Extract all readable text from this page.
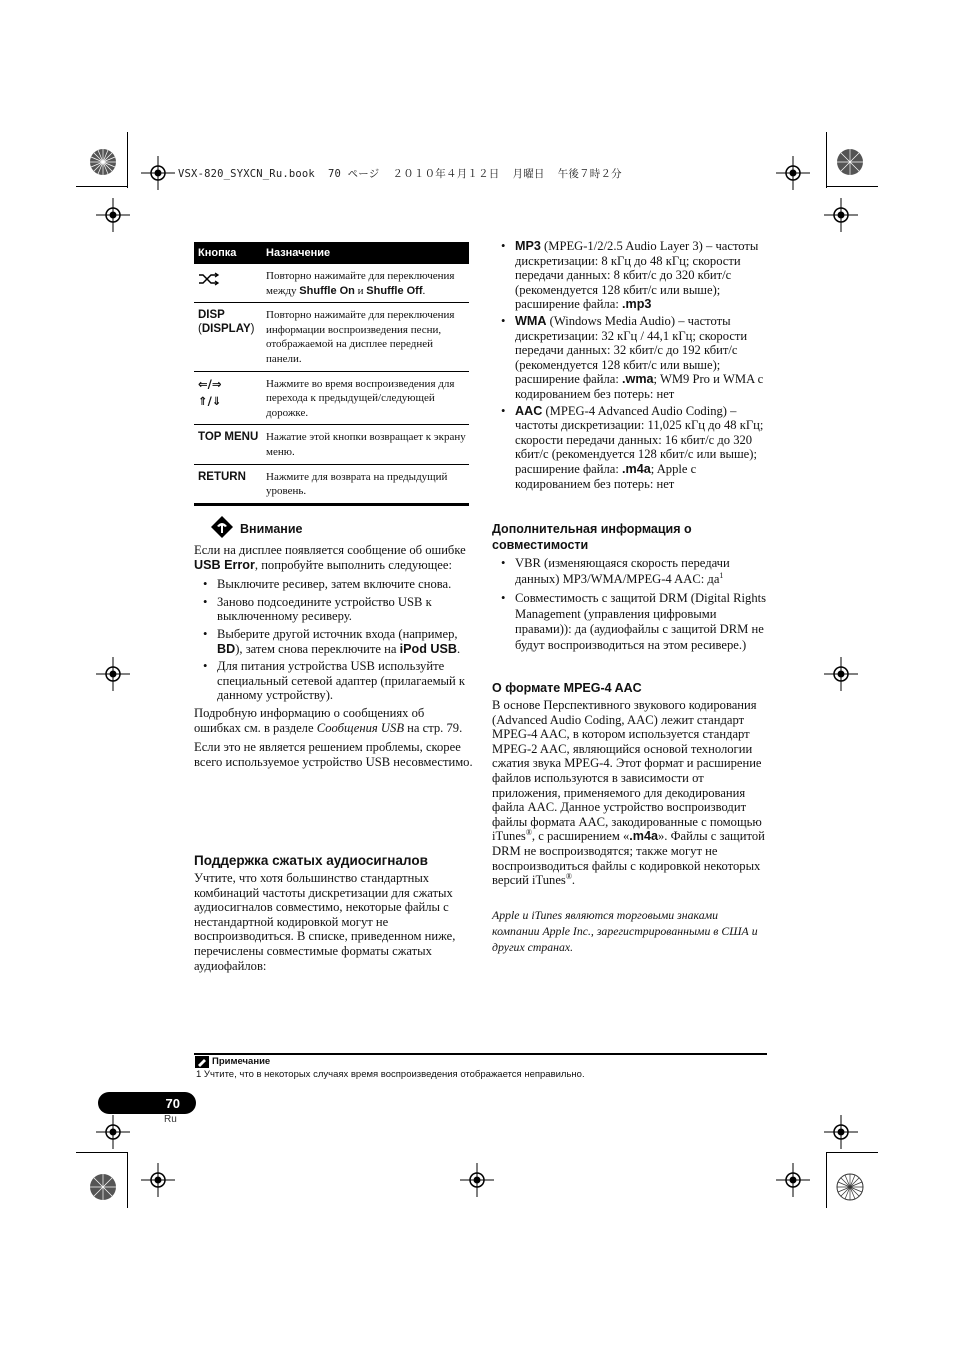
VSX-820_SYXCN_Ru.book  70 ページ  ２０１０年４月１２日  月曜日  午後７時２分
Кнопка	Назначение
Повторно нажимайте для переключения между Shuffle On и Shuffle Off.
DISP
(DISPLAY)
Повторно нажимайте для переключения информации воспроизведения песни, отображаемой на дисплее передней панели.
⇐/⇒
⇑/⇓
Нажмите во время воспроизведения для перехода к предыдущей/следующей дорожке.
TOP MENU Нажатие этой кнопки возвращает к экрану меню.
RETURN	Нажмите для возврата на предыдущий уровень.
Внимание
Если на дисплее появляется сообщение об ошибке USB Error, попробуйте выполнить следующее:
• Выключите ресивер, затем включите снова.
• Заново подсоедините устройство USB к выключенному ресиверу.
• Выберите другой источник входа (например, BD), затем снова переключите на iPod USB.
• Для питания устройства USB используйте специальный сетевой адаптер (прилагаемый к данному устройству).
Подробную информацию о сообщениях об ошибках см. в разделе Сообщения USB на стр. 79.
Если это не является решением проблемы, скорее всего используемое устройство USB несовместимо.
Поддержка сжатых аудиосигналов
Учтите, что хотя большинство стандартных комбинаций частоты дискретизации для сжатых аудиосигналов совместимо, некоторые файлы с нестандартной кодировкой могут не воспроизводиться. В списке, приведенном ниже, перечислены совместимые форматы сжатых аудиофайлов:
• MP3 (MPEG-1/2/2.5 Audio Layer 3) – частоты дискретизации: 8 кГц до 48 кГц; скорости передачи данных: 8 кбит/с до 320 кбит/с (рекомендуется 128 кбит/с или выше); расширение файла: .mp3
• WMA (Windows Media Audio) – частоты дискретизации: 32 кГц / 44,1 кГц; скорости передачи данных: 32 кбит/с до 192 кбит/с (рекомендуется 128 кбит/с или выше); расширение файла: .wma; WM9 Pro и WMA с кодированием без потерь: нет
• AAC (MPEG-4 Advanced Audio Coding) – частоты дискретизации: 11,025 кГц до 48 кГц; скорости передачи данных: 16 кбит/с до 320 кбит/с (рекомендуется 128 кбит/с или выше); расширение файла: .m4a; Apple с кодированием без потерь: нет
Дополнительная информация о совместимости
• VBR (изменяющаяся скорость передачи данных) MP3/WMA/MPEG-4 AAC: $да^1$
• Совместимость с защитой DRM (Digital Rights Management (управления цифровыми правами)): да (аудиофайлы с защитой DRM не будут воспроизводиться на этом ресивере.)
О формате MPEG-4 AAC
В основе Перспективного звукового кодирования (Advanced Audio Coding, AAC) лежит стандарт MPEG-4 AAC, в котором используется стандарт MPEG-2 AAC, являющийся основой технологии сжатия звука MPEG-4. Этот формат и расширение файлов используются в зависимости от приложения, применяемого для декодирования файла AAC. Данное устройство воспроизводит файлы формата AAC, закодированные с помощью iTunes®, с расширением «.m4a». Файлы с защитой DRM не воспроизводятся; также могут не воспроизводиться файлы с кодировкой некоторых версий iTunes®.
Apple и iTunes являются торговыми знаками компании Apple Inc., зарегистрированными в США и других странах.
Примечание
1 Учтите, что в некоторых случаях время воспроизведения отображается неправильно.
70
Ru
